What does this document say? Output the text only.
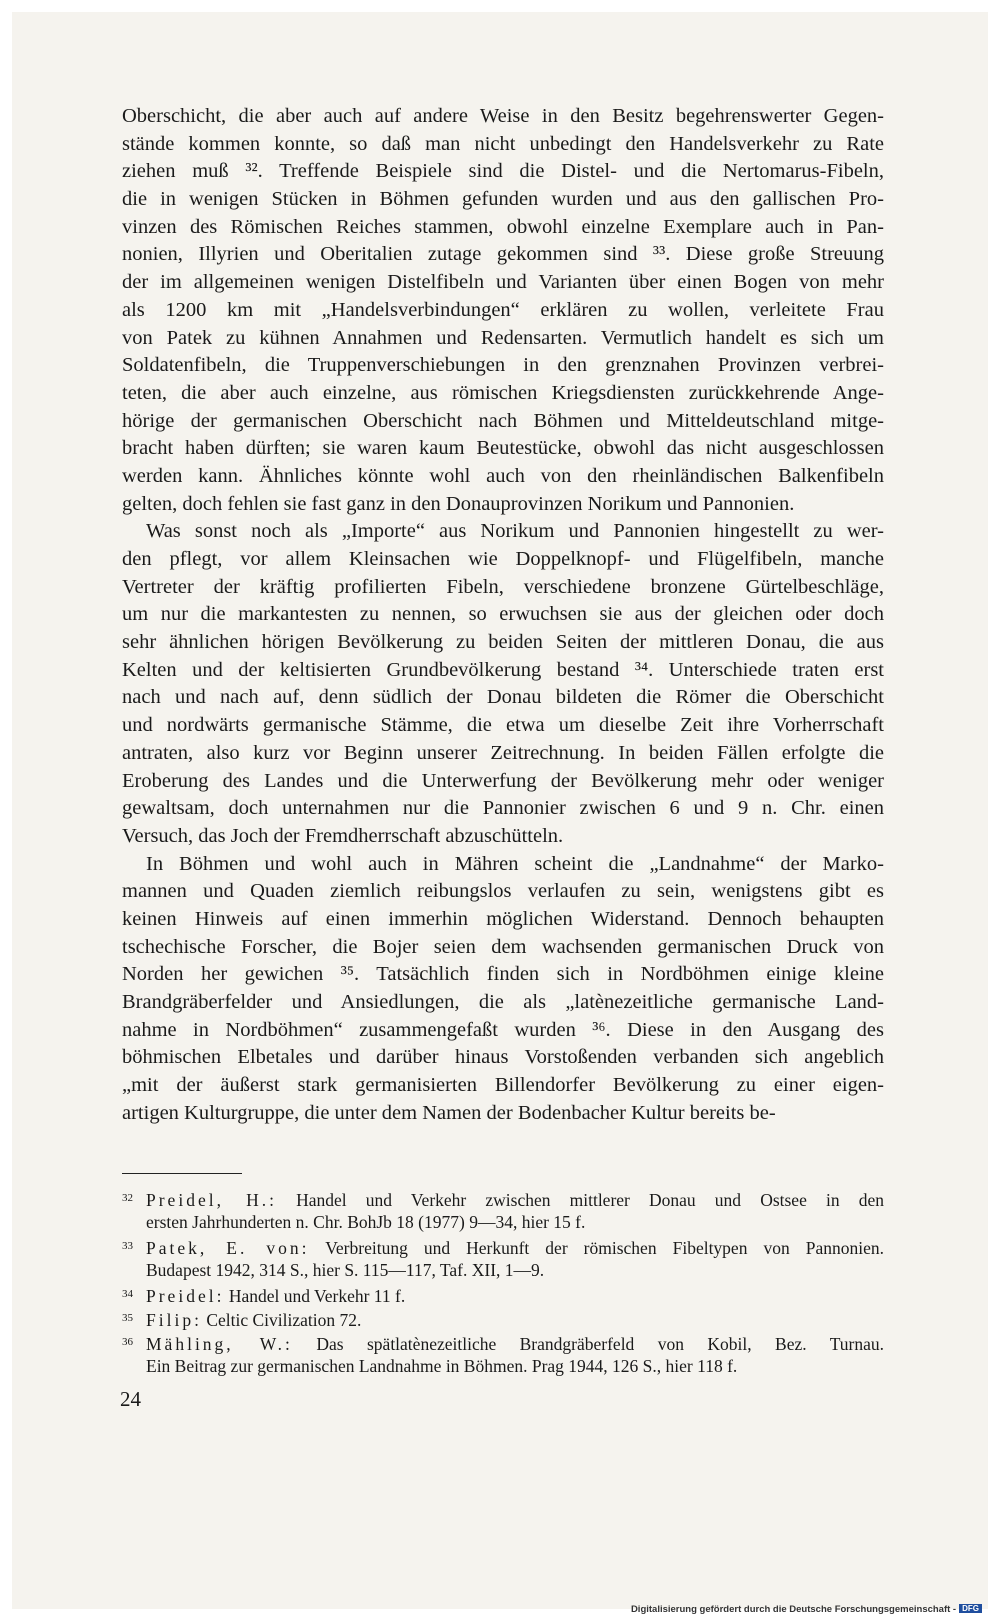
Oberschicht, die aber auch auf andere Weise in den Besitz begehrenswerter Gegen-
stände kommen konnte, so daß man nicht unbedingt den Handelsverkehr zu Rate
ziehen muß ³². Treffende Beispiele sind die Distel- und die Nertomarus-Fibeln,
die in wenigen Stücken in Böhmen gefunden wurden und aus den gallischen Pro-
vinzen des Römischen Reiches stammen, obwohl einzelne Exemplare auch in Pan-
nonien, Illyrien und Oberitalien zutage gekommen sind ³³. Diese große Streuung
der im allgemeinen wenigen Distelfibeln und Varianten über einen Bogen von mehr
als 1200 km mit „Handelsverbindungen“ erklären zu wollen, verleitete Frau
von Patek zu kühnen Annahmen und Redensarten. Vermutlich handelt es sich um
Soldatenfibeln, die Truppenverschiebungen in den grenznahen Provinzen verbrei-
teten, die aber auch einzelne, aus römischen Kriegsdiensten zurückkehrende Ange-
hörige der germanischen Oberschicht nach Böhmen und Mitteldeutschland mitge-
bracht haben dürften; sie waren kaum Beutestücke, obwohl das nicht ausgeschlossen
werden kann. Ähnliches könnte wohl auch von den rheinländischen Balkenfibeln
gelten, doch fehlen sie fast ganz in den Donauprovinzen Norikum und Pannonien.
Was sonst noch als „Importe“ aus Norikum und Pannonien hingestellt zu wer-
den pflegt, vor allem Kleinsachen wie Doppelknopf- und Flügelfibeln, manche
Vertreter der kräftig profilierten Fibeln, verschiedene bronzene Gürtelbeschläge,
um nur die markantesten zu nennen, so erwuchsen sie aus der gleichen oder doch
sehr ähnlichen hörigen Bevölkerung zu beiden Seiten der mittleren Donau, die aus
Kelten und der keltisierten Grundbevölkerung bestand ³⁴. Unterschiede traten erst
nach und nach auf, denn südlich der Donau bildeten die Römer die Oberschicht
und nordwärts germanische Stämme, die etwa um dieselbe Zeit ihre Vorherrschaft
antraten, also kurz vor Beginn unserer Zeitrechnung. In beiden Fällen erfolgte die
Eroberung des Landes und die Unterwerfung der Bevölkerung mehr oder weniger
gewaltsam, doch unternahmen nur die Pannonier zwischen 6 und 9 n. Chr. einen
Versuch, das Joch der Fremdherrschaft abzuschütteln.
In Böhmen und wohl auch in Mähren scheint die „Landnahme“ der Marko-
mannen und Quaden ziemlich reibungslos verlaufen zu sein, wenigstens gibt es
keinen Hinweis auf einen immerhin möglichen Widerstand. Dennoch behaupten
tschechische Forscher, die Bojer seien dem wachsenden germanischen Druck von
Norden her gewichen ³⁵. Tatsächlich finden sich in Nordböhmen einige kleine
Brandgräberfelder und Ansiedlungen, die als „latènezeitliche germanische Land-
nahme in Nordböhmen“ zusammengefaßt wurden ³⁶. Diese in den Ausgang des
böhmischen Elbetales und darüber hinaus Vorstoßenden verbanden sich angeblich
„mit der äußerst stark germanisierten Billendorfer Bevölkerung zu einer eigen-
artigen Kulturgruppe, die unter dem Namen der Bodenbacher Kultur bereits be-
32 Preidel, H.: Handel und Verkehr zwischen mittlerer Donau und Ostsee in den
ersten Jahrhunderten n. Chr. BohJb 18 (1977) 9—34, hier 15 f.
33 Patek, E. von: Verbreitung und Herkunft der römischen Fibeltypen von Pannonien.
Budapest 1942, 314 S., hier S. 115—117, Taf. XII, 1—9.
34 Preidel: Handel und Verkehr 11 f.
35 Filip: Celtic Civilization 72.
36 Mähling, W.: Das spätlatènezeitliche Brandgräberfeld von Kobil, Bez. Turnau.
Ein Beitrag zur germanischen Landnahme in Böhmen. Prag 1944, 126 S., hier 118 f.
24
Digitalisierung gefördert durch die Deutsche Forschungsgemeinschaft - DFG
